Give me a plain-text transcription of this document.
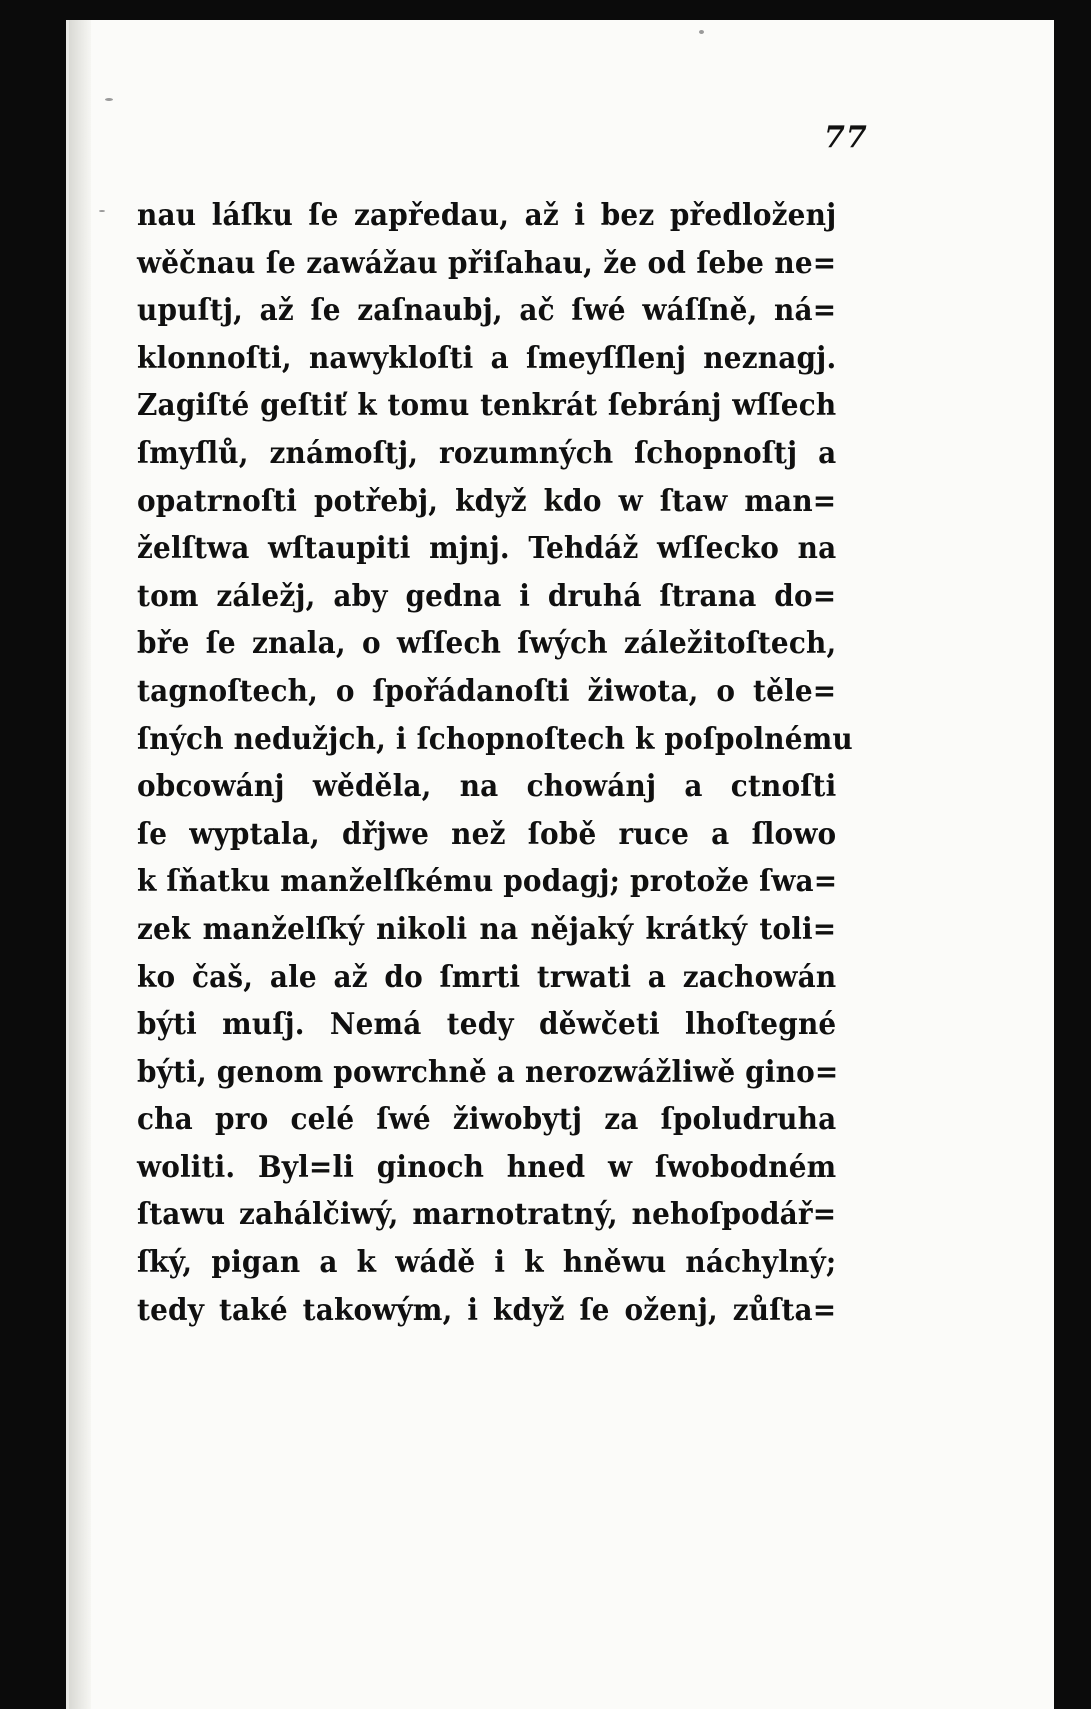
77
nau láſku ſe zapředau, až i bez předloženj
wěčnau ſe zawážau přiſahau, že od ſebe ne=
upuſtj, až ſe zaſnaubj, ač ſwé wáſſně, ná=
klonnoſti, nawykloſti a ſmeyſſlenj neznagj.
Zagiſté geſtiť k tomu tenkrát ſebránj wſſech
ſmyſlů, známoſtj, rozumných ſchopnoſtj a
opatrnoſti potřebj, když kdo w ſtaw man=
želſtwa wſtaupiti mjnj. Tehdáž wſſecko na
tom záležj, aby gedna i druhá ſtrana do=
bře ſe znala, o wſſech ſwých záležitoſtech,
tagnoſtech, o ſpořádanoſti žiwota, o těle=
ſných nedužjch, i ſchopnoſtech k poſpolnému
obcowánj wěděla, na chowánj a ctnoſti
ſe wyptala, dřjwe než ſobě ruce a ſlowo
k ſňatku manželſkému podagj; protože ſwa=
zek manželſký nikoli na nějaký krátký toli=
ko čaš, ale až do ſmrti trwati a zachowán
býti muſj. Nemá tedy děwčeti lhoſtegné
býti, genom powrchně a nerozwážliwě gino=
cha pro celé ſwé žiwobytj za ſpoludruha
woliti. Byl=li ginoch hned w ſwobodném
ſtawu zahálčiwý, marnotratný, nehoſpodář=
ſký, pigan a k wádě i k hněwu náchylný;
tedy také takowým, i když ſe oženj, zůſta=
